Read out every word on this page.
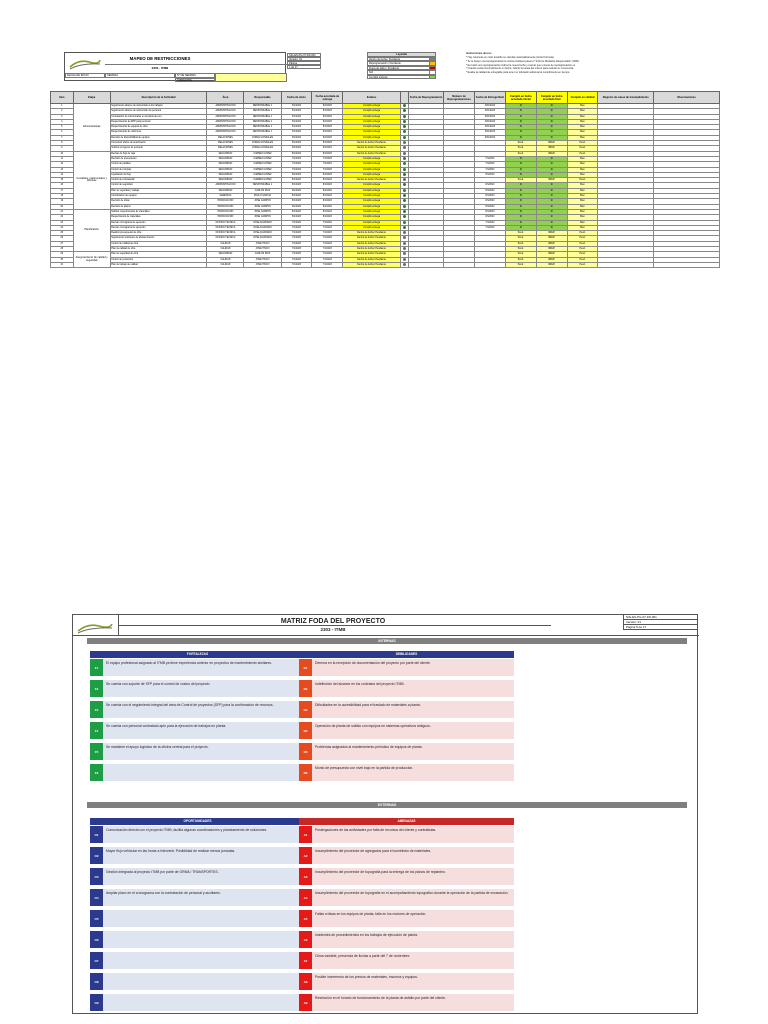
MAPEO DE RESTRICCIONES
2303 - ITMB
SIG-ES-PG-07-FR-001
Versión: 01
Página
1 de 17
FECHA DE INICIO	SEMANA	N° DE SEMANA
TRIMESTRE
Leyenda
Dentro de fecha / Pendiente
Reprogramación / Pendiente
Fuera de plazo / Pendiente
N/A
Cumplió entrega
Instrucciones de uso:
* Hay columnas en color amarillo se calculan automáticamente (incluir formula).
* Si se hacen una reprogramación la misma recibiera pasar el "Informe Mediante Responsable" (IMM)
* En todos una reprogramación indicar la nueva fecha y marcar que numero de reprogramación es.
* Cuando exista incumplimiento en fecha, indicar la causa del mismo para evaluar su recurrencia.
* Evalúe la calidad de entregable para tener un indicador adicional al cumplimiento en tiempo.
Item	Etapa	Descripción de la Actividad	Área	Responsable	Fecha de inicio	Fecha acordada de entrega	Estatus		Fecha de Reprogramación	Número de Reprogramaciones	Fecha de Entrega Real	Cumplió en fecha acordada inicial	Cumplió en fecha acordada final	Cumplió en calidad	Registro de causa de incumplimiento	Observaciones
1	Administrativas	Seguimiento alcance de subcontrato a los trabajos	ADMINISTRACION	RESPONSABLE 1	5/1/2023	8/1/2023	Cumplió entrega				30/1/2023	SI	SI	Bien		
2		Seguimiento alcance de subcontrato de personal	ADMINISTRACION	RESPONSABLE 1	5/1/2023	8/1/2023	Cumplió entrega				30/1/2023	SI	SI	Bien		
3		Contratación de subcontratos en la planta de tren	ADMINISTRACION	RESPONSABLE 1	5/1/2023	8/1/2023	Cumplió entrega				30/1/2023	SI	SI	Bien		
4		Requerimientos de EPP para personal	ADMINISTRACION	RESPONSABLE 1	5/1/2023	8/1/2023	Cumplió entrega				30/1/2023	SI	SI	Bien		
5		Requerimientos de equipos de obra	ADMINISTRACION	RESPONSABLE 1	5/1/2023	8/1/2023	Cumplió entrega				30/1/2023	SI	SI	Bien		
6		Requerimientos de uniformes	ADMINISTRACION	RESPONSABLE 1	5/1/2023	8/1/2023	Cumplió entrega				30/1/2023	SI	SI	Bien		
7		Revisión de disponibilidad de equipos	RELACIONES	JORGE GONZALES	8/1/2023	8/1/2023	Cumplió entrega				30/1/2023	SI	SI	Bien		
8		Comunicar oficios de autorización	RELACIONES	JORGE GONZALES	8/1/2023	8/1/2023	Dentro de fecha / Pendiente					Pend.	#REF!	Pend.		
9		Verificar el ingreso de personal	RELACIONES	JORGE GONZALES	8/1/2023	8/1/2023	Dentro de fecha / Pendiente					Pend.	#REF!	Pend.		
10	Contables, patrimoniales y técnicas	Revisar de flujo de caja	SEGURIDAD	CARMEN LOPEZ	8/1/2023	8/1/2023	Dentro de fecha / Pendiente					Pend.	#REF!	Pend.		
11		Revisión de presupuesto	SEGURIDAD	CARMEN LOPEZ	7/1/2023	7/1/2023	Cumplió entrega				7/1/2023	SI	SI	Bien		
12		Control de partidas	SEGURIDAD	CARMEN LOPEZ	7/1/2023	7/1/2023	Cumplió entrega				7/1/2023	SI	SI	Bien		
13		Control de compras	SEGURIDAD	CARMEN LOPEZ	7/1/2023	7/1/2023	Cumplió entrega				7/1/2023	SI	SI	Bien		
14		Liquidación de flujo	SEGURIDAD	CARMEN LOPEZ	8/1/2023	8/1/2023	Cumplió entrega				8/1/2023	SI	SI	Bien		
15		Control de contratación	SEGURIDAD	CARMEN LOPEZ	8/1/2023	8/1/2023	Dentro de fecha / Pendiente					Pend.	#REF!	Pend.		
16		Control de seguridad	ADMINISTRACION	RESPONSABLE 1	8/1/2023	8/1/2023	Cumplió entrega				8/1/2023	SI	SI	Bien		
17		Plan de seguridad y trabajo	SEGURIDAD	CARLOS RUIZ	8/1/2023	8/1/2023	Cumplió entrega				8/1/2023	SI	SI	Bien		
18		Coordinación de equipos	GERENCIA	PAOLO GARCIA	8/1/2023	8/1/2023	Cumplió entrega				8/1/2023	SI	SI	Bien		
19		Revisión de obras	PRODUCCION	JOSE CAMPOS	8/1/2023	8/1/2023	Cumplió entrega				8/1/2023	SI	SI	Bien		
20		Revisión de planos	PRODUCCION	JOSE CAMPOS	8/1/2023	8/1/2023	Cumplió entrega				8/1/2023	SI	SI	Bien		
21	Planificación	Solicitar requerimientos de materiales	PRODUCCION	JOSE CAMPOS	8/1/2023	8/1/2023	Cumplió entrega				8/1/2023	SI	SI	Bien		
22		Requerimiento de materiales	PRODUCCION	JOSE CAMPOS	8/1/2023	8/1/2023	Cumplió entrega				8/1/2023	SI	SI	Bien		
23		Revisar cronograma de ejecución	OFICINA TECNICA	JOSE ALVARADO	7/1/2023	7/1/2023	Cumplió entrega				7/1/2023	SI	SI	Bien		
24		Revisar cronograma de ejecución	OFICINA TECNICA	JOSE ALVARADO	7/1/2023	7/1/2023	Cumplió entrega				7/1/2023	SI	SI	Bien		
25		Realizar presupuesto de obra	OFICINA TECNICA	JOSE ALVARADO	7/1/2023	7/1/2023	Dentro de fecha / Pendiente					Pend.	#REF!	Pend.		
26		Seguimiento al alcance de abastecimiento	OFICINA TECNICA	JOSE ALVARADO	7/1/2023	7/1/2023	Dentro de fecha / Pendiente					Pend.	#REF!	Pend.		
27		Control de calidad de obra	CALIDAD	JOSE TINCO	7/1/2023	7/1/2023	Dentro de fecha / Pendiente					Pend.	#REF!	Pend.		
28		Plan de calidad de obra	CALIDAD	JOSE TINCO	7/1/2023	7/1/2023	Dentro de fecha / Pendiente					Pend.	#REF!	Pend.		
29	Aseguramiento de calidad y seguridad	Plan de seguridad de obra	SEGURIDAD	CARLOS RUIZ	7/1/2023	7/1/2023	Dentro de fecha / Pendiente					Pend.	#REF!	Pend.		
30		Control de protocolos	CALIDAD	JOSE TINCO	7/1/2023	7/1/2023	Dentro de fecha / Pendiente					Pend.	#REF!	Pend.		
31		Plan de trabajo de calidad	CALIDAD	JOSE TINCO	7/1/2023	7/1/2023	Dentro de fecha / Pendiente					Pend.	#REF!	Pend.		
MATRIZ FODA DEL PROYECTO
2303 - ITMB
SIG-ES-PG-07-FR-001
Versión: 01
Página 5 de 17
INTERNAS
FORTALEZAS	DEBILIDADES
F1
El equipo profesional asignado al ITMB ya tiene experiencia anterior en proyectos de mantenimiento similares.
F2
Se cuenta con soporte de SFP para el control de costos del proyecto.
F3
Se cuenta con el seguimiento integral del área de Control de proyectos (SFP) para la confirmación de recursos.
F4
Se cuenta con personal contratado apto para la ejecución de trabajos en planta.
F5
Se mantiene el apoyo logístico de la oficina central para el proyecto.
F6
D1
Demora en la recepción de documentación del proyecto por parte del cliente.
D2
Indefinición del alcance en los contratos del proyecto ITMB.
D3
Dificultades en la accesibilidad para el traslado de materiales a planta.
D4
Operación de planta de sulfato con equipos en sistemas operativos antiguos.
D5
Problemas asignados al mantenimiento periódico de equipos de planta.
D6
Monto de presupuesto con nivel bajo en la partida de producción.
EXTERNAS
OPORTUNIDADES	AMENAZAS
O1
Comunicación directa con el proyecto ITMB, facilita algunas coordinaciones y planteamiento de soluciones.
O2
Mayor flujo vehicular en las horas a intervenir. Posibilidad de realizar menos jornadas.
O3
Gestión integrada al proyecto ITMB por parte de GRMA / TRANSPORTES.
O4
Ampliar plazo en el cronograma con la contratación de personal y auxiliares.
O5
O6
O7
O8
O9
A1
Postergaciones de las actividades por falta de recursos del cliente y contratistas.
A2
Incumplimiento del proveedor de agregados para el suministro de materiales.
A3
Incumplimiento del proveedor de topografía para la entrega de los planos de replanteo.
A4
Incumplimiento del proveedor de topografía en el acompañamiento topográfico durante la operación de la partida de excavación.
A5
Fallas críticas en los equipos de planta, falla en los motores de operación.
A6
Incidentes de procedimientos en los trabajos de ejecución de planta.
A7
Clima variable, presencia de lluvias a partir del 7 de noviembre.
A8
Posible incremento de los precios de materiales, insumos y equipos.
A9
Restricción en el horario de funcionamiento de la planta de asfalto por parte del cliente.
